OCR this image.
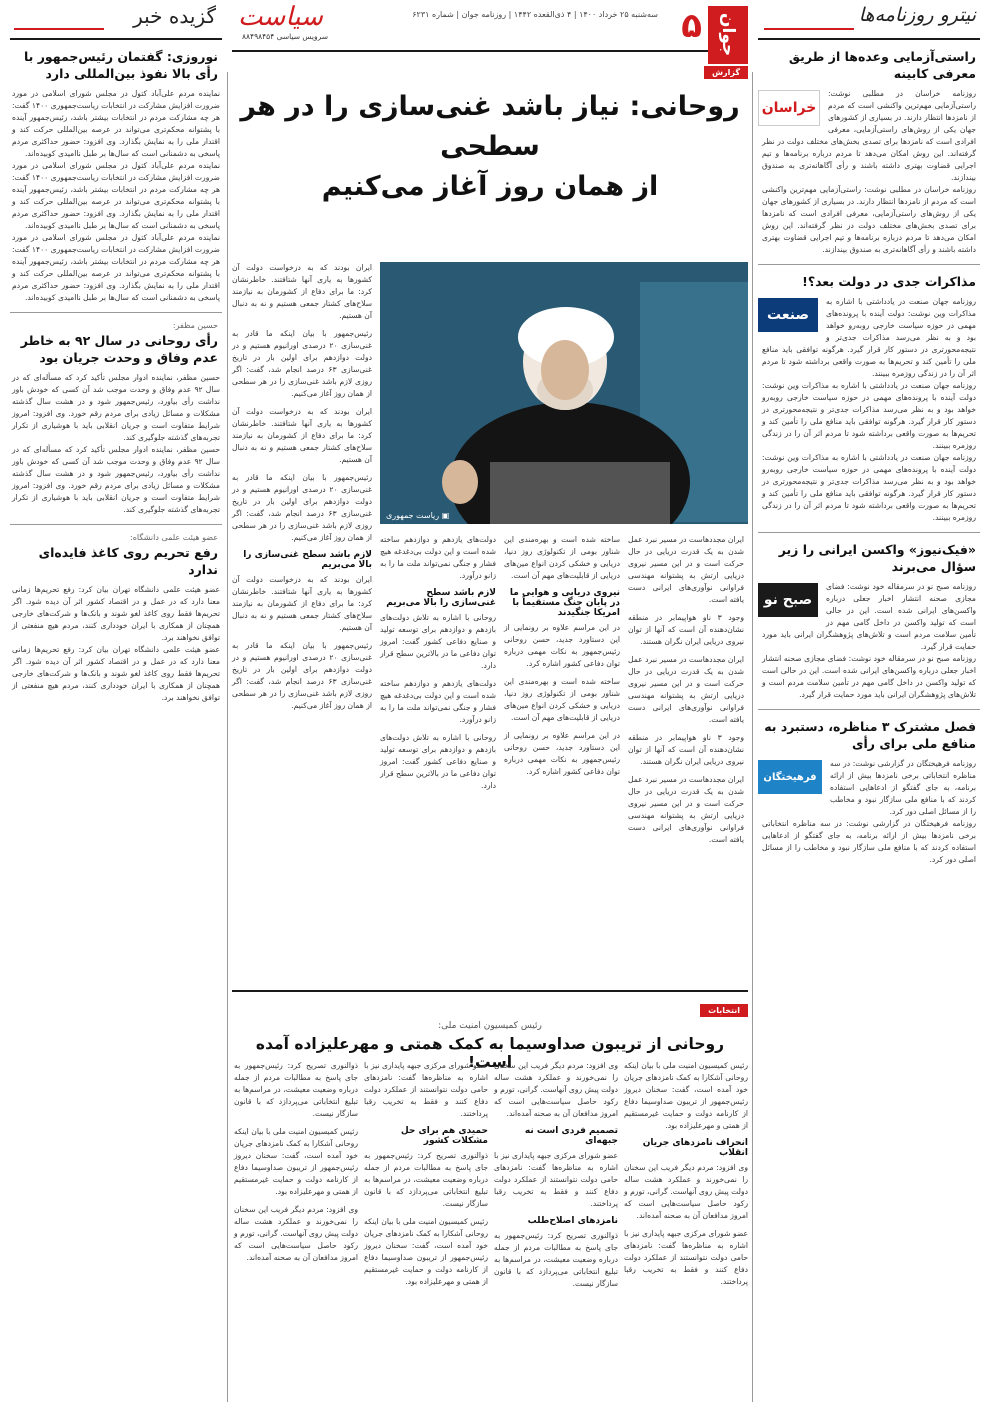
نیترو روزنامه‌ها
راستی‌آزمایی وعده‌ها از طریق معرفی کابینه
خراسان

روزنامه خراسان در مطلبی نوشت: راستی‌آزمایی مهم‌ترین واکنشی است که مردم از نامزدها انتظار دارند. در بسیاری از کشورهای جهان یکی از روش‌های راستی‌آزمایی، معرفی افرادی است که نامزدها برای تصدی بخش‌های مختلف دولت در نظر گرفته‌اند. این روش امکان می‌دهد تا مردم درباره برنامه‌ها و تیم اجرایی قضاوت بهتری داشته باشند و رأی آگاهانه‌تری به صندوق بیندازند.

روزنامه خراسان در مطلبی نوشت: راستی‌آزمایی مهم‌ترین واکنشی است که مردم از نامزدها انتظار دارند. در بسیاری از کشورهای جهان یکی از روش‌های راستی‌آزمایی، معرفی افرادی است که نامزدها برای تصدی بخش‌های مختلف دولت در نظر گرفته‌اند. این روش امکان می‌دهد تا مردم درباره برنامه‌ها و تیم اجرایی قضاوت بهتری داشته باشند و رأی آگاهانه‌تری به صندوق بیندازند.

مذاکرات جدی در دولت بعد؟!
صنعت

روزنامه جهان صنعت در یادداشتی با اشاره به مذاکرات وین نوشت: دولت آینده با پرونده‌های مهمی در حوزه سیاست خارجی روبه‌رو خواهد بود و به نظر می‌رسد مذاکرات جدی‌تر و نتیجه‌محورتری در دستور کار قرار گیرد. هرگونه توافقی باید منافع ملی را تأمین کند و تحریم‌ها به صورت واقعی برداشته شود تا مردم اثر آن را در زندگی روزمره ببینند.

روزنامه جهان صنعت در یادداشتی با اشاره به مذاکرات وین نوشت: دولت آینده با پرونده‌های مهمی در حوزه سیاست خارجی روبه‌رو خواهد بود و به نظر می‌رسد مذاکرات جدی‌تر و نتیجه‌محورتری در دستور کار قرار گیرد. هرگونه توافقی باید منافع ملی را تأمین کند و تحریم‌ها به صورت واقعی برداشته شود تا مردم اثر آن را در زندگی روزمره ببینند.

روزنامه جهان صنعت در یادداشتی با اشاره به مذاکرات وین نوشت: دولت آینده با پرونده‌های مهمی در حوزه سیاست خارجی روبه‌رو خواهد بود و به نظر می‌رسد مذاکرات جدی‌تر و نتیجه‌محورتری در دستور کار قرار گیرد. هرگونه توافقی باید منافع ملی را تأمین کند و تحریم‌ها به صورت واقعی برداشته شود تا مردم اثر آن را در زندگی روزمره ببینند.

«فیک‌نیوز» واکسن ایرانی را زیر سؤال می‌برند
صبح نو

روزنامه صبح نو در سرمقاله خود نوشت: فضای مجازی صحنه انتشار اخبار جعلی درباره واکسن‌های ایرانی شده است. این در حالی است که تولید واکسن در داخل گامی مهم در تأمین سلامت مردم است و تلاش‌های پژوهشگران ایرانی باید مورد حمایت قرار گیرد.

روزنامه صبح نو در سرمقاله خود نوشت: فضای مجازی صحنه انتشار اخبار جعلی درباره واکسن‌های ایرانی شده است. این در حالی است که تولید واکسن در داخل گامی مهم در تأمین سلامت مردم است و تلاش‌های پژوهشگران ایرانی باید مورد حمایت قرار گیرد.

فصل مشترک ۳ مناظره، دستبرد به منافع ملی برای رأی
فرهیختگان

روزنامه فرهیختگان در گزارشی نوشت: در سه مناظره انتخاباتی برخی نامزدها بیش از ارائه برنامه، به جای گفتگو از ادعاهایی استفاده کردند که با منافع ملی سازگار نبود و مخاطب را از مسائل اصلی دور کرد.

روزنامه فرهیختگان در گزارشی نوشت: در سه مناظره انتخاباتی برخی نامزدها بیش از ارائه برنامه، به جای گفتگو از ادعاهایی استفاده کردند که با منافع ملی سازگار نبود و مخاطب را از مسائل اصلی دور کرد.

گزیده خبر
نوروزی: گفتمان رئیس‌جمهور با رأی بالا نفوذ بین‌المللی دارد

نماینده مردم علی‌آباد کتول در مجلس شورای اسلامی در مورد ضرورت افزایش مشارکت در انتخابات ریاست‌جمهوری ۱۴۰۰ گفت: هر چه مشارکت مردم در انتخابات بیشتر باشد، رئیس‌جمهور آینده با پشتوانه محکم‌تری می‌تواند در عرصه بین‌المللی حرکت کند و اقتدار ملی را به نمایش بگذارد. وی افزود: حضور حداکثری مردم پاسخی به دشمنانی است که سال‌ها بر طبل ناامیدی کوبیده‌اند.

نماینده مردم علی‌آباد کتول در مجلس شورای اسلامی در مورد ضرورت افزایش مشارکت در انتخابات ریاست‌جمهوری ۱۴۰۰ گفت: هر چه مشارکت مردم در انتخابات بیشتر باشد، رئیس‌جمهور آینده با پشتوانه محکم‌تری می‌تواند در عرصه بین‌المللی حرکت کند و اقتدار ملی را به نمایش بگذارد. وی افزود: حضور حداکثری مردم پاسخی به دشمنانی است که سال‌ها بر طبل ناامیدی کوبیده‌اند.

نماینده مردم علی‌آباد کتول در مجلس شورای اسلامی در مورد ضرورت افزایش مشارکت در انتخابات ریاست‌جمهوری ۱۴۰۰ گفت: هر چه مشارکت مردم در انتخابات بیشتر باشد، رئیس‌جمهور آینده با پشتوانه محکم‌تری می‌تواند در عرصه بین‌المللی حرکت کند و اقتدار ملی را به نمایش بگذارد. وی افزود: حضور حداکثری مردم پاسخی به دشمنانی است که سال‌ها بر طبل ناامیدی کوبیده‌اند.

حسین مظفر:
رأی روحانی در سال ۹۲ به خاطر عدم وفاق و وحدت جریان بود

حسین مظفر، نماینده ادوار مجلس تأکید کرد که مسأله‌ای که در سال ۹۲ عدم وفاق و وحدت موجب شد آن کسی که خودش باور نداشت رأی بیاورد، رئیس‌جمهور شود و در هشت سال گذشته مشکلات و مسائل زیادی برای مردم رقم خورد. وی افزود: امروز شرایط متفاوت است و جریان انقلابی باید با هوشیاری از تکرار تجربه‌های گذشته جلوگیری کند.

حسین مظفر، نماینده ادوار مجلس تأکید کرد که مسأله‌ای که در سال ۹۲ عدم وفاق و وحدت موجب شد آن کسی که خودش باور نداشت رأی بیاورد، رئیس‌جمهور شود و در هشت سال گذشته مشکلات و مسائل زیادی برای مردم رقم خورد. وی افزود: امروز شرایط متفاوت است و جریان انقلابی باید با هوشیاری از تکرار تجربه‌های گذشته جلوگیری کند.

عضو هیئت علمی دانشگاه:
رفع تحریم روی کاغذ فایده‌ای ندارد

عضو هیئت علمی دانشگاه تهران بیان کرد: رفع تحریم‌ها زمانی معنا دارد که در عمل و در اقتصاد کشور اثر آن دیده شود. اگر تحریم‌ها فقط روی کاغذ لغو شوند و بانک‌ها و شرکت‌های خارجی همچنان از همکاری با ایران خودداری کنند، مردم هیچ منفعتی از توافق نخواهند برد.

عضو هیئت علمی دانشگاه تهران بیان کرد: رفع تحریم‌ها زمانی معنا دارد که در عمل و در اقتصاد کشور اثر آن دیده شود. اگر تحریم‌ها فقط روی کاغذ لغو شوند و بانک‌ها و شرکت‌های خارجی همچنان از همکاری با ایران خودداری کنند، مردم هیچ منفعتی از توافق نخواهند برد.

جوان
۵
سه‌شنبه ۲۵ خرداد ۱۴۰۰ | ۴ ذی‌القعده ۱۴۴۲ | روزنامه جوان | شماره ۶۲۳۱
سیاست
سرویس سیاسی ۸۸۴۹۸۴۵۴
گزارش
روحانی: نیاز باشد غنی‌سازی را در هر سطحی
از همان روز آغاز می‌کنیم
▣ ریاست جمهوری

ایران بودند که به درخواست دولت آن کشورها به یاری آنها شتافتند. خاطرنشان کرد: ما برای دفاع از کشورمان به نیازمند سلاح‌های کشتار جمعی هستیم و نه به دنبال آن هستیم.

رئیس‌جمهور با بیان اینکه ما قادر به غنی‌سازی ۲۰ درصدی اورانیوم هستیم و در دولت دوازدهم برای اولین بار در تاریخ غنی‌سازی ۶۳ درصد انجام شد، گفت: اگر روزی لازم باشد غنی‌سازی را در هر سطحی از همان روز آغاز می‌کنیم.

ایران بودند که به درخواست دولت آن کشورها به یاری آنها شتافتند. خاطرنشان کرد: ما برای دفاع از کشورمان به نیازمند سلاح‌های کشتار جمعی هستیم و نه به دنبال آن هستیم.

رئیس‌جمهور با بیان اینکه ما قادر به غنی‌سازی ۲۰ درصدی اورانیوم هستیم و در دولت دوازدهم برای اولین بار در تاریخ غنی‌سازی ۶۳ درصد انجام شد، گفت: اگر روزی لازم باشد غنی‌سازی را در هر سطحی از همان روز آغاز می‌کنیم.

لازم باشد سطح غنی‌سازی را بالا می‌بریم

ایران بودند که به درخواست دولت آن کشورها به یاری آنها شتافتند. خاطرنشان کرد: ما برای دفاع از کشورمان به نیازمند سلاح‌های کشتار جمعی هستیم و نه به دنبال آن هستیم.

رئیس‌جمهور با بیان اینکه ما قادر به غنی‌سازی ۲۰ درصدی اورانیوم هستیم و در دولت دوازدهم برای اولین بار در تاریخ غنی‌سازی ۶۳ درصد انجام شد، گفت: اگر روزی لازم باشد غنی‌سازی را در هر سطحی از همان روز آغاز می‌کنیم.

دولت‌های یازدهم و دوازدهم ساخته شده است و این دولت بی‌دغدغه هیچ فشار و جنگی نمی‌تواند ملت ما را به زانو درآورد.

لازم باشد سطح غنی‌سازی را بالا می‌بریم

روحانی با اشاره به تلاش دولت‌های بازدهم و دوازدهم برای توسعه تولید و صنایع دفاعی کشور گفت: امروز توان دفاعی ما در بالاترین سطح قرار دارد.

دولت‌های یازدهم و دوازدهم ساخته شده است و این دولت بی‌دغدغه هیچ فشار و جنگی نمی‌تواند ملت ما را به زانو درآورد.

روحانی با اشاره به تلاش دولت‌های بازدهم و دوازدهم برای توسعه تولید و صنایع دفاعی کشور گفت: امروز توان دفاعی ما در بالاترین سطح قرار دارد.

ساخته شده است و بهره‌مندی این شناور بومی از تکنولوژی روز دنیا، دریایی و خشکی کردن انواع مین‌های دریایی از قابلیت‌های مهم آن است.

نیروی دریایی و هوایی ما در پایان جنگ مستقیماً با امریکا جنگیدند

در این مراسم علاوه بر رونمایی از این دستاورد جدید، حسن روحانی رئیس‌جمهور به نکات مهمی درباره توان دفاعی کشور اشاره کرد.

ساخته شده است و بهره‌مندی این شناور بومی از تکنولوژی روز دنیا، دریایی و خشکی کردن انواع مین‌های دریایی از قابلیت‌های مهم آن است.

در این مراسم علاوه بر رونمایی از این دستاورد جدید، حسن روحانی رئیس‌جمهور به نکات مهمی درباره توان دفاعی کشور اشاره کرد.

ایران مجددهاست در مسیر نبرد عمل شدن به یک قدرت دریایی در حال حرکت است و در این مسیر نیروی دریایی ارتش به پشتوانه مهندسی فراوانی نوآوری‌های ایرانی دست یافته است.

وجود ۳ ناو هواپیمابر در منطقه نشان‌دهنده آن است که آنها از توان نیروی دریایی ایران نگران هستند.

ایران مجددهاست در مسیر نبرد عمل شدن به یک قدرت دریایی در حال حرکت است و در این مسیر نیروی دریایی ارتش به پشتوانه مهندسی فراوانی نوآوری‌های ایرانی دست یافته است.

وجود ۳ ناو هواپیمابر در منطقه نشان‌دهنده آن است که آنها از توان نیروی دریایی ایران نگران هستند.

ایران مجددهاست در مسیر نبرد عمل شدن به یک قدرت دریایی در حال حرکت است و در این مسیر نیروی دریایی ارتش به پشتوانه مهندسی فراوانی نوآوری‌های ایرانی دست یافته است.

انتخابات
رئیس کمیسیون امنیت ملی:
روحانی از تریبون صداوسیما به کمک همتی و مهرعلیزاده آمده است!	رئیس کمیسیون امنیت ملی با بیان اینکه روحانی آشکارا به کمک نامزدهای جریان خود آمده است، گفت: سخنان دیروز رئیس‌جمهور از تریبون صداوسیما دفاع از کارنامه دولت و حمایت غیرمستقیم از همتی و مهرعلیزاده بود.

انحراف نامزدهای جریان انقلاب

وی افزود: مردم دیگر فریب این سخنان را نمی‌خورند و عملکرد هشت ساله دولت پیش روی آنهاست. گرانی، تورم و رکود حاصل سیاست‌هایی است که امروز مدافعان آن به صحنه آمده‌اند.

عضو شورای مرکزی جبهه پایداری نیز با اشاره به مناظره‌ها گفت: نامزدهای حامی دولت نتوانستند از عملکرد دولت دفاع کنند و فقط به تخریب رقبا پرداختند.

وی افزود: مردم دیگر فریب این سخنان را نمی‌خورند و عملکرد هشت ساله دولت پیش روی آنهاست. گرانی، تورم و رکود حاصل سیاست‌هایی است که امروز مدافعان آن به صحنه آمده‌اند.

تصمیم فردی است نه جبهه‌ای

عضو شورای مرکزی جبهه پایداری نیز با اشاره به مناظره‌ها گفت: نامزدهای حامی دولت نتوانستند از عملکرد دولت دفاع کنند و فقط به تخریب رقبا پرداختند.

نامزدهای اصلاح‌طلب

ذوالنوری تصریح کرد: رئیس‌جمهور به جای پاسخ به مطالبات مردم از جمله درباره وضعیت معیشت، در مراسم‌ها به تبلیغ انتخاباتی می‌پردازد که با قانون سازگار نیست.

عضو شورای مرکزی جبهه پایداری نیز با اشاره به مناظره‌ها گفت: نامزدهای حامی دولت نتوانستند از عملکرد دولت دفاع کنند و فقط به تخریب رقبا پرداختند.

حمیدی هم برای حل مشکلات کشور

ذوالنوری تصریح کرد: رئیس‌جمهور به جای پاسخ به مطالبات مردم از جمله درباره وضعیت معیشت، در مراسم‌ها به تبلیغ انتخاباتی می‌پردازد که با قانون سازگار نیست.

رئیس کمیسیون امنیت ملی با بیان اینکه روحانی آشکارا به کمک نامزدهای جریان خود آمده است، گفت: سخنان دیروز رئیس‌جمهور از تریبون صداوسیما دفاع از کارنامه دولت و حمایت غیرمستقیم از همتی و مهرعلیزاده بود.

ذوالنوری تصریح کرد: رئیس‌جمهور به جای پاسخ به مطالبات مردم از جمله درباره وضعیت معیشت، در مراسم‌ها به تبلیغ انتخاباتی می‌پردازد که با قانون سازگار نیست.

رئیس کمیسیون امنیت ملی با بیان اینکه روحانی آشکارا به کمک نامزدهای جریان خود آمده است، گفت: سخنان دیروز رئیس‌جمهور از تریبون صداوسیما دفاع از کارنامه دولت و حمایت غیرمستقیم از همتی و مهرعلیزاده بود.

وی افزود: مردم دیگر فریب این سخنان را نمی‌خورند و عملکرد هشت ساله دولت پیش روی آنهاست. گرانی، تورم و رکود حاصل سیاست‌هایی است که امروز مدافعان آن به صحنه آمده‌اند.
